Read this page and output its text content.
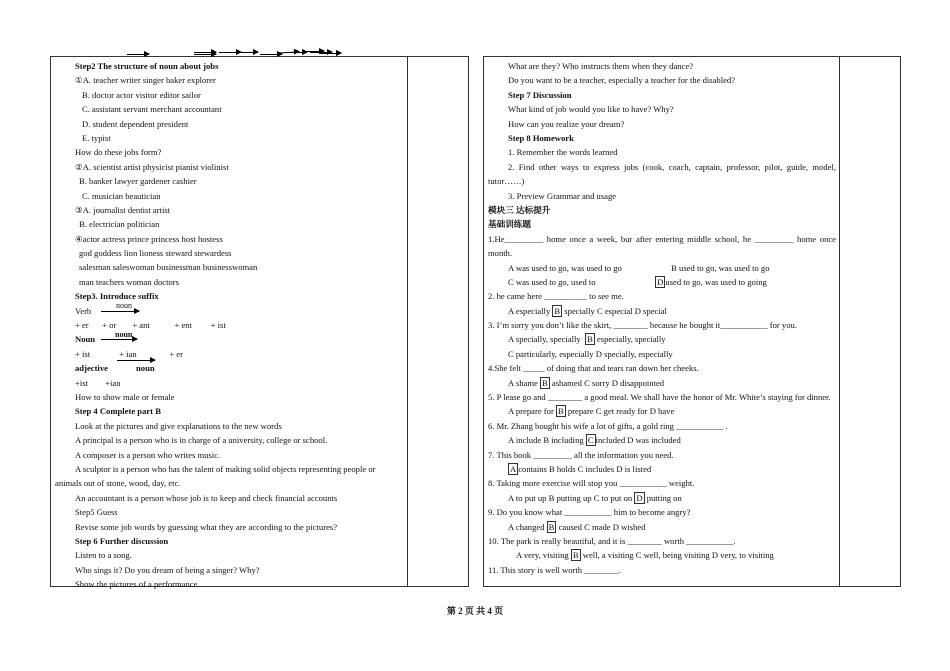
Step2 The structure of noun about jobs
①A. teacher writer singer baker explorer
B. doctor actor visitor editor sailor
C. assistant servant merchant accountant
D. student dependent president
E. typist
How do these jobs form?
②A. scientist artist physicist pianist violinist
B. banker lawyer gardener cashier
C. musician beautician
③A. journalist dentist artist
B. electrician politician
④actor actress prince princess host hostess
god goddess lion lioness steward stewardess
salesman saleswoman businessman businesswoman
man teachers woman doctors
Step3. Introduce suffix
Verb
noun
+ er + or + ant	+ ent + ist
Noun noun
+ ist	+ ian	+ er
adjective	noun
+ist +ian
How to show male or female
Step 4 Complete part B
Look at the pictures and give explanations to the new words
A principal is a person who is in charge of a university, college or school.
A composer is a person who writes music.
A sculptor is a person who has the talent of making solid objects representing people or animals out of stone, wood, day, etc.
An accountant is a person whose job is to keep and check financial accounts
Step5 Guess
Revise some job words by guessing what they are according to the pictures?
Step 6 Further discussion
Listen to a song.
Who sings it? Do you dream of being a singer? Why?
Show the pictures of a performance.
What are they? Who instructs them when they dance?
Do you want to be a teacher, especially a teacher for the disabled?
Step 7 Discussion
What kind of job would you like to have? Why?
How can you realize your dream?
Step 8 Homework
1. Remember the words learned
2. Find other ways to express jobs (cook, coach, captain, professor, pilot, guide, model, tutor……)
3. Preview Grammar and usage
模块三 达标提升
基础训练题
1.He_________ home once a week, bur after entering middle school, he _________ home once month.
A was used to go, was used to go	B used to go, was used to go
C was used to go, used to	D used to go, was used to going
2. he came here __________ to see me.
A especially B specially C especial D special
3. I’m sorry you don’t like the skirt, ________ because he bought it___________ for you.
A specially, specially B especially, specially
C particularly, especially D specially, especially
4.She felt _____ of doing that and tears ran down her cheeks.
A shame B ashamed C sorry D disappointed
5. P lease go and ________ a good meal. We shall have the honor of Mr. White’s staying for dinner.
A prepare for B prepare C get ready for D have
6. Mr. Zhang bought his wife a lot of gifts, a gold ring ___________ .
A include B including C included D was included
7. This book _________ all the information you need.
A contains B holds C includes D is listed
8. Taking more exercise will stop you ___________ weight.
A to put up B putting up C to put on D putting on
9. Do you know what ___________ him to become angry?
A changed B caused C made D wished
10. The park is really beautiful, and it is ________ worth ___________.
A very, visiting B well, a visiting C well, being visiting D very, to visiting
11. This story is well worth ________.
第 2 页 共 4 页
